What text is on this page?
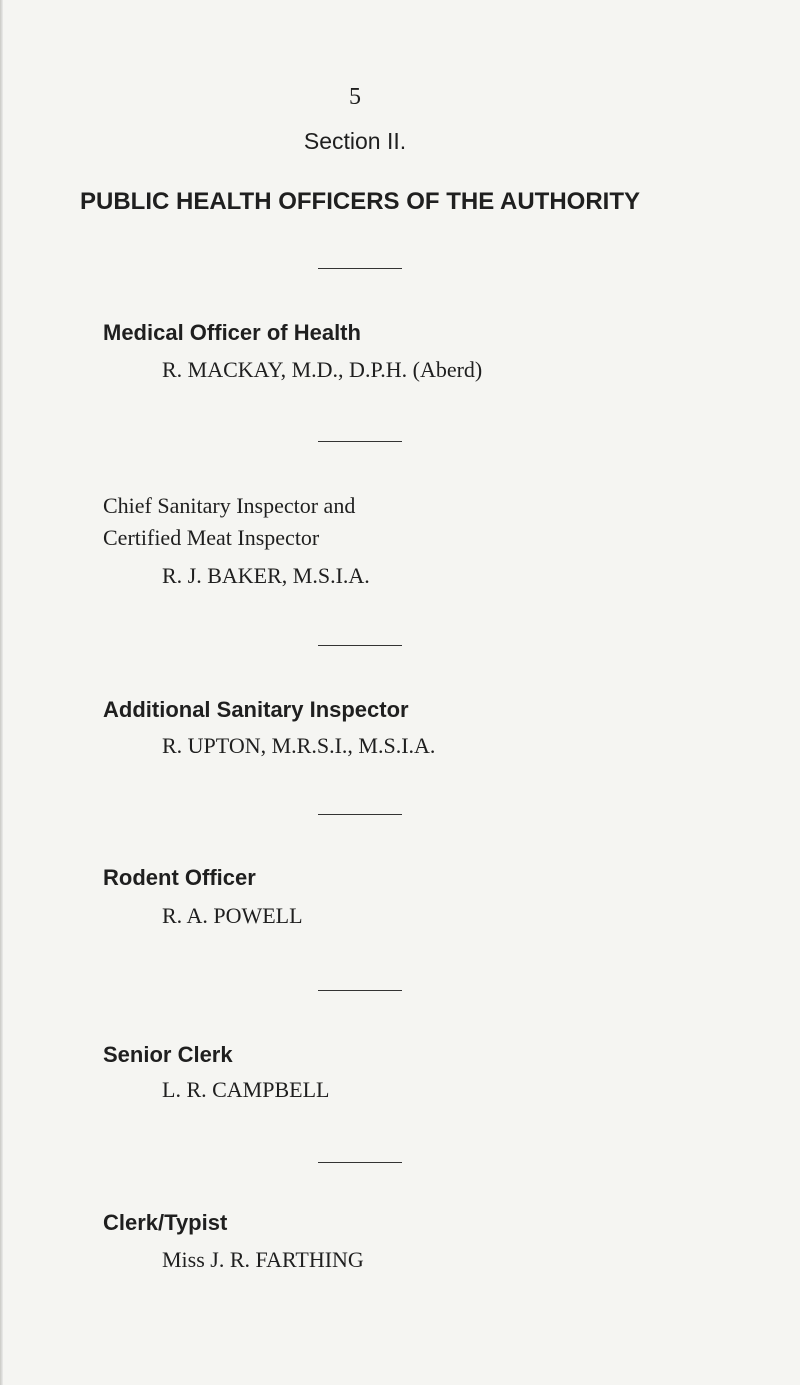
5
Section II.
PUBLIC HEALTH OFFICERS OF THE AUTHORITY
Medical Officer of Health
R. MACKAY, M.D., D.P.H. (Aberd)
Chief Sanitary Inspector and
Certified Meat Inspector
R. J. BAKER, M.S.I.A.
Additional Sanitary Inspector
R. UPTON, M.R.S.I., M.S.I.A.
Rodent Officer
R. A. POWELL
Senior Clerk
L. R. CAMPBELL
Clerk/Typist
Miss J. R. FARTHING
